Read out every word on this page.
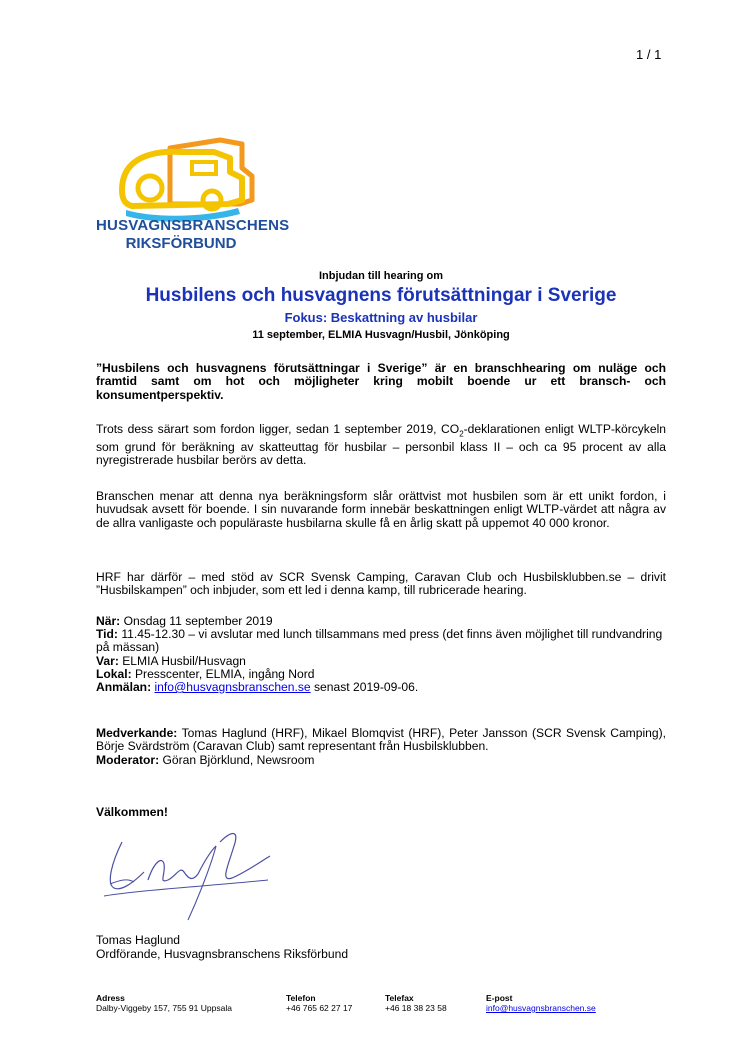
1 / 1
HUSVAGNSBRANSCHENS
RIKSFÖRBUND
Inbjudan till hearing om
Husbilens och husvagnens förutsättningar i Sverige
Fokus: Beskattning av husbilar
11 september, ELMIA Husvagn/Husbil, Jönköping
”Husbilens och husvagnens förutsättningar i Sverige” är en branschhearing om nuläge och framtid samt om hot och möjligheter kring mobilt boende ur ett bransch- och konsumentperspektiv.
Trots dess särart som fordon ligger, sedan 1 september 2019, $CO_2$-deklarationen enligt WLTP-körcykeln som grund för beräkning av skatteuttag för husbilar – personbil klass II – och ca 95 procent av alla nyregistrerade husbilar berörs av detta.
Branschen menar att denna nya beräkningsform slår orättvist mot husbilen som är ett unikt fordon, i huvudsak avsett för boende. I sin nuvarande form innebär beskattningen enligt WLTP-värdet att några av de allra vanligaste och populäraste husbilarna skulle få en årlig skatt på uppemot 40 000 kronor.
HRF har därför – med stöd av SCR Svensk Camping, Caravan Club och Husbilsklubben.se – drivit ”Husbilskampen” och inbjuder, som ett led i denna kamp, till rubricerade hearing.
När: Onsdag 11 september 2019
Tid: 11.45-12.30 – vi avslutar med lunch tillsammans med press (det finns även möjlighet till rundvandring på mässan)
Var: ELMIA Husbil/Husvagn
Lokal: Presscenter, ELMIA, ingång Nord
Anmälan: info@husvagnsbranschen.se senast 2019-09-06.
Medverkande: Tomas Haglund (HRF), Mikael Blomqvist (HRF), Peter Jansson (SCR Svensk Camping), Börje Svärdström (Caravan Club) samt representant från Husbilsklubben.
Moderator: Göran Björklund, Newsroom
Välkommen!
Tomas Haglund
Ordförande, Husvagnsbranschens Riksförbund
Adress
Dalby-Viggeby 157, 755 91 Uppsala
Telefon
+46 765 62 27 17
Telefax
+46 18 38 23 58
E-post
info@husvagnsbranschen.se
